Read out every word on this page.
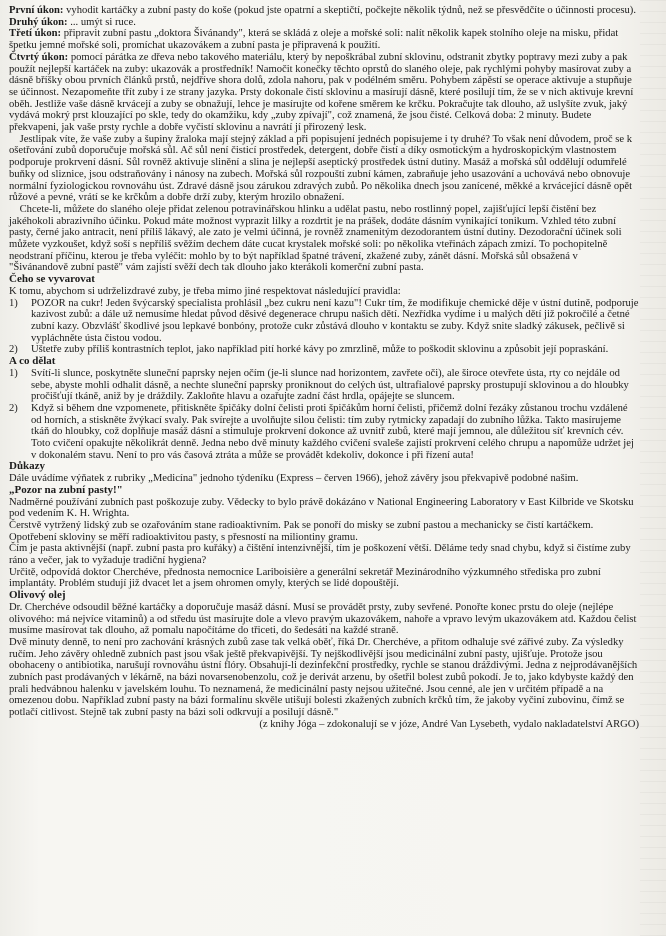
První úkon: vyhodit kartáčky a zubní pasty do koše (pokud jste opatrní a skeptičtí, počkejte několik týdnů, než se přesvědčíte o účinnosti procesu).

Druhý úkon: ... umýt si ruce.

Třetí úkon: připravit zubní pastu „doktora Šivánandy", která se skládá z oleje a mořské soli: nalít několik kapek stolního oleje na misku, přidat špetku jemné mořské soli, promíchat ukazovákem a zubní pasta je připravená k použití.

Čtvrtý úkon: pomocí párátka ze dřeva nebo takového materiálu, který by nepoškrábal zubní sklovinu, odstranit zbytky poptravy mezi zuby a pak použít nejlepší kartáček na zuby: ukazovák a prostředník! Namočit konečky těchto oprstů do slaného oleje, pak rychlými pohyby masírovat zuby a dásně bříšky obou prvních článků prstů, nejdříve shora dolů, zdola nahoru, pak v podélném směru. Pohybem zápěstí se operace aktivuje a stupňuje se účinnost. Nezapomeňte třít zuby i ze strany jazyka. Prsty dokonale čistí sklovinu a masírují dásně, které posilují tím, že se v nich aktivuje krevní oběh. Jestliže vaše dásně krvácejí a zuby se obnažují, lehce je masírujte od kořene směrem ke krčku. Pokračujte tak dlouho, až uslyšíte zvuk, jaký vydává mokrý prst klouzající po skle, tedy do okamžiku, kdy „zuby zpívají", což znamená, že jsou čisté. Celková doba: 2 minuty. Budete překvapeni, jak vaše prsty rychle a dobře vyčistí sklovinu a navrátí jí přirozený lesk.

Jestlipak víte, že vaše zuby a šupiny žraloka mají stejný základ a při popisujení jednéch popisujeme i ty druhé? To však není důvodem, proč se k ošetřování zubů doporučuje mořská sůl. Ač sůl není čisticí prostředek, detergent, dobře čistí a díky osmotickým a hydroskopickým vlastnostem podporuje prokrvení dásní. Sůl rovněž aktivuje slinění a slina je nejlepší aseptický prostředek ústní dutiny. Masáž a mořská sůl oddělují odumřelé buňky od sliznice, jsou odstraňovány i nánosy na zubech. Mořská sůl rozpouští zubní kámen, zabraňuje jeho usazování a uchovává nebo obnovuje normální fyziologickou rovnováhu úst. Zdravé dásně jsou zárukou zdravých zubů. Po několika dnech jsou zanícené, měkké a krvácející dásně opět růžové a pevné, vrátí se ke krčkům a dobře drží zuby, kterým hrozilo obnažení.

Chcete-li, můžete do slaného oleje přidat zelenou potravinářskou hlinku a udělat pastu, nebo rostlinný popel, zajišťující lepší čistění bez jakéhokoli abrazivního účinku. Pokud máte možnost vyprazit lilky a rozdrtit je na prášek, dodáte dásním vynikající tonikum. Vzhled této zubní pasty, černé jako antracit, není příliš lákavý, ale zato je velmi účinná, je rovněž znamenitým dezodorantem ústní dutiny. Dezodorační účinek soli můžete vyzkoušet, když soší s nepříliš svěžím dechem dáte cucat krystalek mořské soli: po několika vteřinách zápach zmizí. To pochopitelně neodstraní příčinu, kterou je třeba vyléčit: mohlo by to být například špatné trávení, zkažené zuby, zánět dásní. Mořská sůl obsažená v "Šivánandově zubní pastě" vám zajistí svěží dech tak dlouho jako kterákoli komerční zubní pasta.

Čeho se vyvarovat

K tomu, abychom si udrželizdravé zuby, je třeba mimo jiné respektovat následující pravidla:

1) POZOR na cukr! Jeden švýcarský specialista prohlásil „bez cukru není kazu"! Cukr tím, že modifikuje chemické děje v ústní dutině, podporuje kazivost zubů: a dále už nemusíme hledat původ děsivé degenerace chrupu našich dětí. Nezřídka vydíme i u malých dětí již pokročilé a četné zubní kazy. Obzvlášť škodlivé jsou lepkavé bonbóny, protože cukr zůstává dlouho v kontaktu se zuby. Když snite sladký zákusek, pečlivě si vypláchněte ústa čistou vodou.
2) Uštetře zuby příliš kontrastních teplot, jako například pití horké kávy po zmrzlině, může to poškodit sklovinu a způsobit její popraskání.

A co dělat

1) Svítí-li slunce, poskytněte sluneční paprsky nejen očím (je-li slunce nad horizontem, zavřete oči), ale široce otevřete ústa, rty co nejdále od sebe, abyste mohli odhalit dásně, a nechte sluneční paprsky proniknout do celých úst, ultrafialové paprsky prostupují sklovinou a do hloubky pročišťují tkáně, aniž by je dráždily. Zakloňte hlavu a ozařujte zadní část hrdla, opájejte se sluncem.
2) Když si během dne vzpomenete, přitiskněte špičáky dolní čelisti proti špičákům horní čelisti, přičemž dolní řezáky zůstanou trochu vzdálené od horních, a stiskněte žvýkací svaly. Pak svírejte a uvolňujte silou čelisti: tím zuby rytmicky zapadají do zubního lůžka. Takto masírujeme tkáň do hloubky, což doplňuje masáž dásní a stimuluje prokrvení dokonce až uvnitř zubů, které mají jemnou, ale důležitou síť krevních cév. Toto cvičení opakujte několikrát denně. Jedna nebo dvě minuty každého cvičení svaleše zajistí prokrvení celého chrupu a napomůže udržet jej v dokonalém stavu. Není to pro vás časová ztráta a může se provádět kdekoliv, dokonce i při řízení auta!

Důkazy

Dále uvádíme výňatek z rubriky „Medicína" jednoho týdeníku (Express – červen 1966), jehož závěry jsou překvapivě podobné našim.

„Pozor na zubní pasty!"

Nadměrné používání zubních past poškozuje zuby. Vědecky to bylo právě dokázáno v National Engineering Laboratory v East Kilbride ve Skotsku pod vedením K. H. Wrighta.

Čerstvě vytržený lidský zub se ozařováním stane radioaktivním. Pak se ponoří do misky se zubní pastou a mechanicky se čistí kartáčkem. Opotřebení skloviny se měří radioaktivitou pasty, s přesností na miliontiny gramu.

Čím je pasta aktivnější (např. zubní pasta pro kuřáky) a čištění intenzivnější, tím je poškození větší. Děláme tedy snad chybu, když si čistíme zuby ráno a večer, jak to vyžaduje tradiční hygiena?

Určitě, odpovídá doktor Cherchéve, přednosta nemocnice Lariboisière a generální sekretář Mezinárodního výzkumného střediska pro zubní implantáty. Problém studují již dvacet let a jsem ohromen omyly, kterých se lidé dopouštějí.

Olivový olej

Dr. Cherchéve odsoudil běžné kartáčky a doporučuje masáž dásní. Musí se provádět prsty, zuby sevřené. Ponořte konec prstu do oleje (nejlépe olivového: má nejvíce vitaminů) a od středu úst masírujte dole a vlevo pravým ukazovákem, nahoře a vpravo levým ukazovákem atd. Každou čelist musíme masírovat tak dlouho, až pomalu napočítáme do třiceti, do šedesáti na každé straně.

Dvě minuty denně, to není pro zachování krásných zubů zase tak velká oběť, říká Dr. Cherchéve, a přitom odhaluje své zářivé zuby. Za výsledky ručím. Jeho závěry ohledně zubních past jsou však ještě překvapivější. Ty nejškodlivější jsou medicinální zubní pasty, ujišťuje. Protože jsou obohaceny o antibiotika, narušují rovnováhu ústní flóry. Obsahují-li dezinfekční prostředky, rychle se stanou dráždivými. Jedna z nejprodávanějších zubních past prodávaných v lékárně, na bázi novarsenobenzolu, což je derivát arzenu, by ošetřil bolest zubů pokodí. Je to, jako kdybyste každý den prali hedvábnou halenku v javelském louhu. To neznamená, že medicinální pasty nejsou užitečné. Jsou cenné, ale jen v určitém případě a na omezenou dobu. Například zubní pasty na bázi formalínu skvěle utišují bolesti zkažených zubních krčků tím, že jakoby vyčiní zubovinu, čímž se potlačí citlivost. Stejně tak zubní pasty na bázi soli odkrvují a posilují dásně."

(z knihy Jóga – zdokonalují se v józe, André Van Lysebeth, vydalo nakladatelství ARGO)
